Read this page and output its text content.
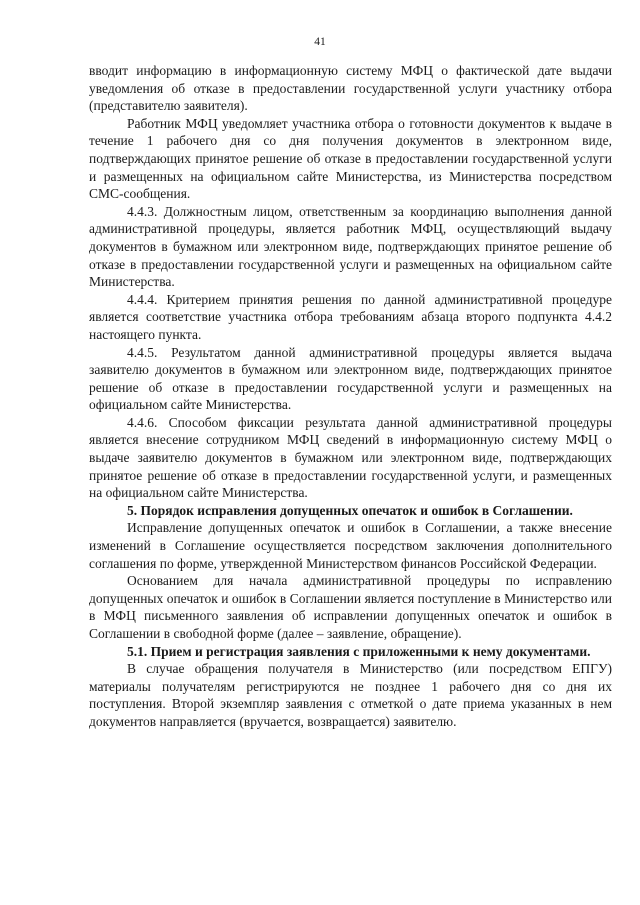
41

вводит информацию в информационную систему МФЦ о фактической дате выдачи уведомления об отказе в предоставлении государственной услуги участнику отбора (представителю заявителя).

Работник МФЦ уведомляет участника отбора о готовности документов к выдаче в течение 1 рабочего дня со дня получения документов в электронном виде, подтверждающих принятое решение об отказе в предоставлении государственной услуги и размещенных на официальном сайте Министерства, из Министерства посредством СМС-сообщения.

4.4.3. Должностным лицом, ответственным за координацию выполнения данной административной процедуры, является работник МФЦ, осуществляющий выдачу документов в бумажном или электронном виде, подтверждающих принятое решение об отказе в предоставлении государственной услуги и размещенных на официальном сайте Министерства.

4.4.4. Критерием принятия решения по данной административной процедуре является соответствие участника отбора требованиям абзаца второго подпункта 4.4.2 настоящего пункта.

4.4.5. Результатом данной административной процедуры является выдача заявителю документов в бумажном или электронном виде, подтверждающих принятое решение об отказе в предоставлении государственной услуги и размещенных на официальном сайте Министерства.

4.4.6. Способом фиксации результата данной административной процедуры является внесение сотрудником МФЦ сведений в информационную систему МФЦ о выдаче заявителю документов в бумажном или электронном виде, подтверждающих принятое решение об отказе в предоставлении государственной услуги, и размещенных на официальном сайте Министерства.

5. Порядок исправления допущенных опечаток и ошибок в Соглашении.

Исправление допущенных опечаток и ошибок в Соглашении, а также внесение изменений в Соглашение осуществляется посредством заключения дополнительного соглашения по форме, утвержденной Министерством финансов Российской Федерации.

Основанием для начала административной процедуры по исправлению допущенных опечаток и ошибок в Соглашении является поступление в Министерство или в МФЦ письменного заявления об исправлении допущенных опечаток и ошибок в Соглашении в свободной форме (далее – заявление, обращение).

5.1. Прием и регистрация заявления с приложенными к нему документами.

В случае обращения получателя в Министерство (или посредством ЕПГУ) материалы получателям регистрируются не позднее 1 рабочего дня со дня их поступления. Второй экземпляр заявления с отметкой о дате приема указанных в нем документов направляется (вручается, возвращается) заявителю.
